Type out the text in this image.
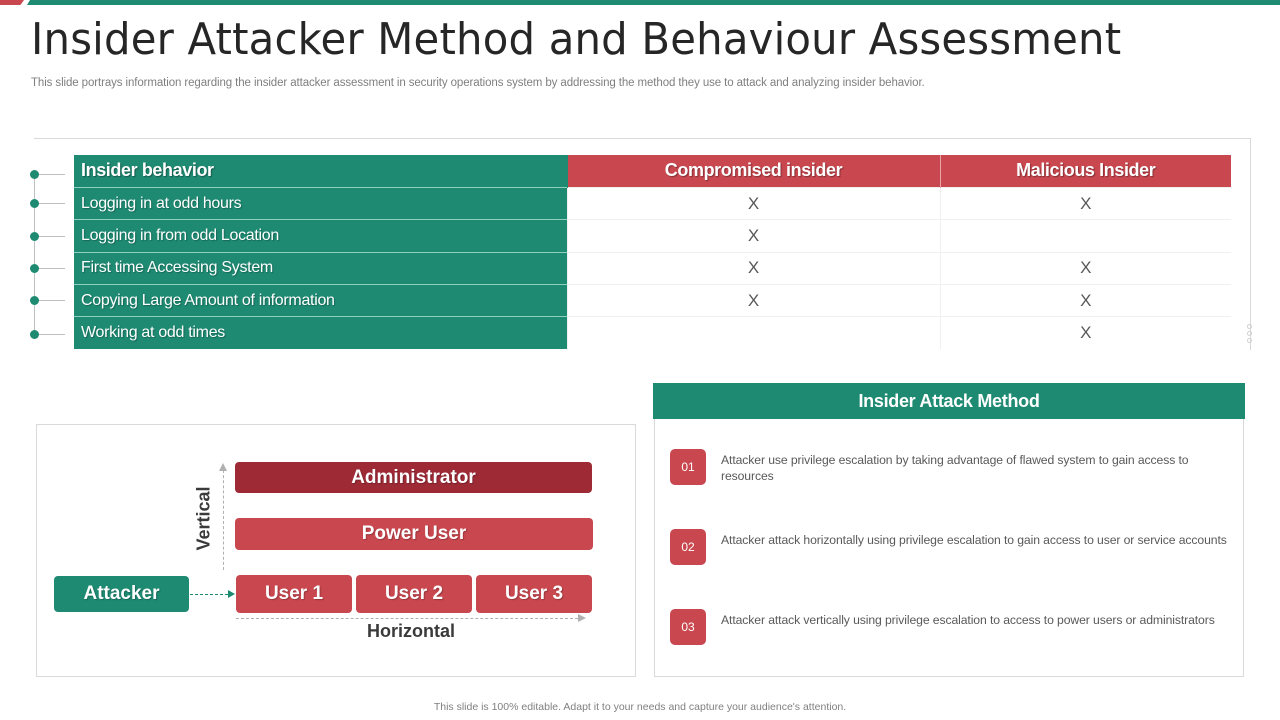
Insider Attacker Method and Behaviour Assessment

This slide portrays information regarding the insider attacker assessment in security operations system by addressing the method they use to attack and analyzing insider behavior.

Insider behavior	Compromised insider	Malicious Insider
Logging in at odd hours	X	X
Logging in from odd Location	X	
First time Accessing System	X	X
Copying Large Amount of information	X	X
Working at odd times		X
Administrator
Power User
User 1	User 2	User 3
Attacker
Vertical
Horizontal
Insider Attack Method
01	Attacker use privilege escalation by taking advantage of flawed system to gain access to resources
02	Attacker attack horizontally using privilege escalation to gain access to user or service accounts
03	Attacker attack vertically using privilege escalation to access to power users or administrators
This slide is 100% editable. Adapt it to your needs and capture your audience's attention.
